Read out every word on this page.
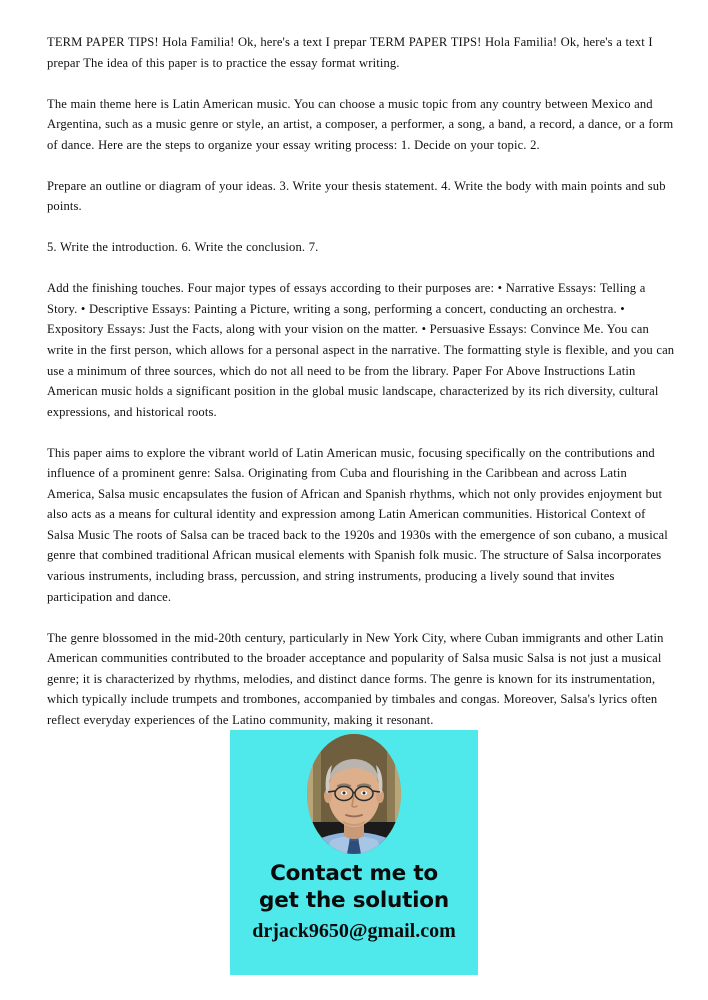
TERM PAPER TIPS! Hola Familia! Ok, here's a text I prepar TERM PAPER TIPS! Hola Familia! Ok, here's a text I prepar The idea of this paper is to practice the essay format writing.

The main theme here is Latin American music. You can choose a music topic from any country between Mexico and Argentina, such as a music genre or style, an artist, a composer, a performer, a song, a band, a record, a dance, or a form of dance. Here are the steps to organize your essay writing process: 1. Decide on your topic. 2.

Prepare an outline or diagram of your ideas. 3. Write your thesis statement. 4. Write the body with main points and sub points.

5. Write the introduction. 6. Write the conclusion. 7.

Add the finishing touches. Four major types of essays according to their purposes are: • Narrative Essays: Telling a Story. • Descriptive Essays: Painting a Picture, writing a song, performing a concert, conducting an orchestra. • Expository Essays: Just the Facts, along with your vision on the matter. • Persuasive Essays: Convince Me. You can write in the first person, which allows for a personal aspect in the narrative. The formatting style is flexible, and you can use a minimum of three sources, which do not all need to be from the library. Paper For Above Instructions Latin American music holds a significant position in the global music landscape, characterized by its rich diversity, cultural expressions, and historical roots.

This paper aims to explore the vibrant world of Latin American music, focusing specifically on the contributions and influence of a prominent genre: Salsa. Originating from Cuba and flourishing in the Caribbean and across Latin America, Salsa music encapsulates the fusion of African and Spanish rhythms, which not only provides enjoyment but also acts as a means for cultural identity and expression among Latin American communities. Historical Context of Salsa Music The roots of Salsa can be traced back to the 1920s and 1930s with the emergence of son cubano, a musical genre that combined traditional African musical elements with Spanish folk music. The structure of Salsa incorporates various instruments, including brass, percussion, and string instruments, producing a lively sound that invites participation and dance.

The genre blossomed in the mid-20th century, particularly in New York City, where Cuban immigrants and other Latin American communities contributed to the broader acceptance and popularity of Salsa music Salsa is not just a musical genre; it is characterized by rhythms, melodies, and distinct dance forms. The genre is known for its instrumentation, which typically include trumpets and trombones, accompanied by timbales and congas. Moreover, Salsa's lyrics often reflect everyday experiences of the Latino community, making it resonant.

Contact me to
get the solution
drjack9650@gmail.com
